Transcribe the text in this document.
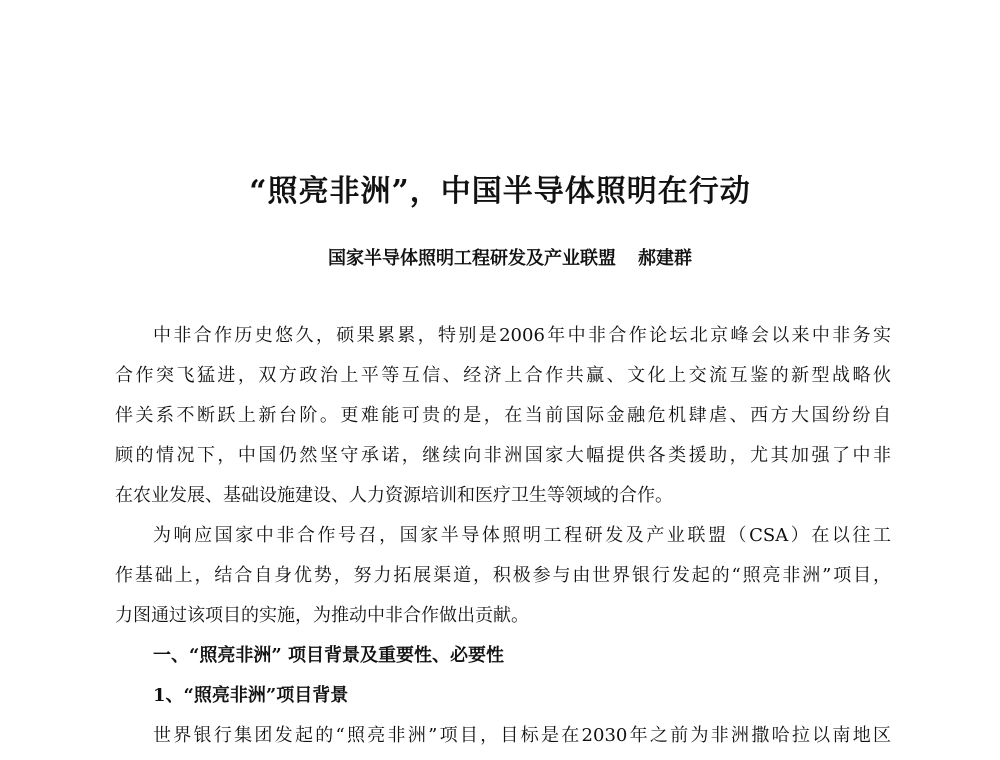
“照亮非洲”，中国半导体照明在行动
国家半导体照明工程研发及产业联盟 郝建群
中非合作历史悠久，硕果累累，特别是2006年中非合作论坛北京峰会以来中非务实
合作突飞猛进，双方政治上平等互信、经济上合作共赢、文化上交流互鉴的新型战略伙
伴关系不断跃上新台阶。更难能可贵的是，在当前国际金融危机肆虐、西方大国纷纷自
顾的情况下，中国仍然坚守承诺，继续向非洲国家大幅提供各类援助，尤其加强了中非
在农业发展、基础设施建设、人力资源培训和医疗卫生等领域的合作。
为响应国家中非合作号召，国家半导体照明工程研发及产业联盟（CSA）在以往工
作基础上，结合自身优势，努力拓展渠道，积极参与由世界银行发起的“照亮非洲”项目，
力图通过该项目的实施，为推动中非合作做出贡献。
一、“照亮非洲” 项目背景及重要性、必要性
1、“照亮非洲”项目背景
世界银行集团发起的“照亮非洲”项目，目标是在2030年之前为非洲撒哈拉以南地区
